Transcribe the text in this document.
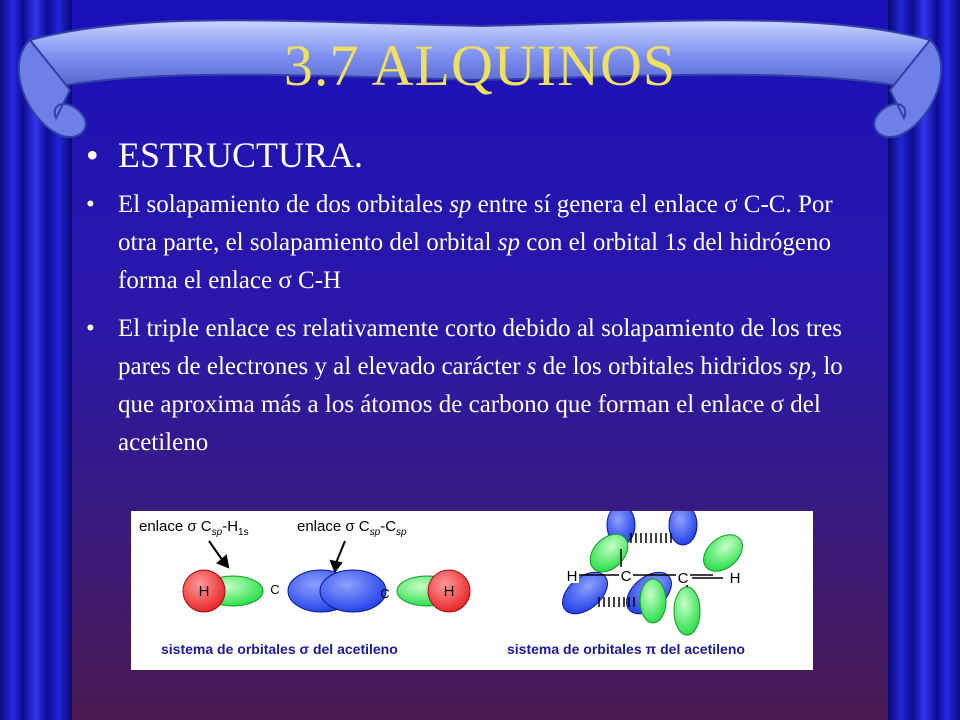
3.7 ALQUINOS
• ESTRUCTURA.
• El solapamiento de dos orbitales sp entre sí genera el enlace σ C-C. Por otra parte, el solapamiento del orbital sp con el orbital 1s del hidrógeno forma el enlace σ C-H
• El triple enlace es relativamente corto debido al solapamiento de los tres pares de electrones y al elevado carácter s de los orbitales hidridos sp, lo que aproxima más a los átomos de carbono que forman el enlace σ del acetileno
enlace σ $C_{sp}-H_{1s}$	enlace σ $C_{sp}-C_{sp}$
H	C	C	H
sistema de orbitales σ del acetileno
H	C	C	H
sistema de orbitales π del acetileno
